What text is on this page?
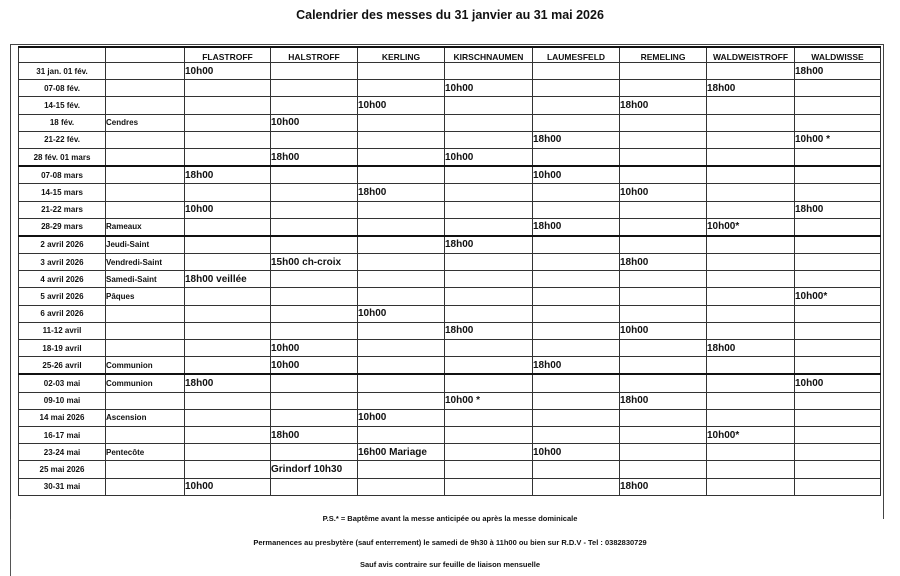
Calendrier des messes du 31 janvier au 31 mai 2026
		FLASTROFF	HALSTROFF	KERLING	KIRSCHNAUMEN	LAUMESFELD	REMELING	WALDWEISTROFF	WALDWISSE
31 jan. 01 fév.		10h00							18h00
07-08 fév.					10h00			18h00	
14-15 fév.				10h00			18h00		
18 fév.	Cendres		10h00						
21-22 fév.						18h00			10h00 *
28 fév. 01 mars			18h00		10h00				
07-08 mars		18h00				10h00			
14-15 mars				18h00			10h00		
21-22 mars		10h00							18h00
28-29 mars	Rameaux					18h00		10h00*	
2 avril 2026	Jeudi-Saint				18h00				
3 avril 2026	Vendredi-Saint		15h00 ch-croix				18h00		
4 avril 2026	Samedi-Saint	18h00 veillée							
5 avril 2026	Pâques								10h00*
6 avril 2026				10h00					
11-12 avril					18h00		10h00		
18-19 avril			10h00					18h00	
25-26 avril	Communion		10h00			18h00			
02-03 mai	Communion	18h00							10h00
09-10 mai					10h00 *		18h00		
14 mai 2026	Ascension			10h00					
16-17 mai			18h00					10h00*	
23-24 mai	Pentecôte			16h00 Mariage		10h00			
25 mai 2026			Grindorf 10h30						
30-31 mai		10h00					18h00		
P.S.* = Baptême avant la messe anticipée ou après la messe dominicale
Permanences au presbytère (sauf enterrement) le samedi de 9h30 à 11h00 ou bien sur R.D.V - Tel : 0382830729
Sauf avis contraire sur feuille de liaison mensuelle
